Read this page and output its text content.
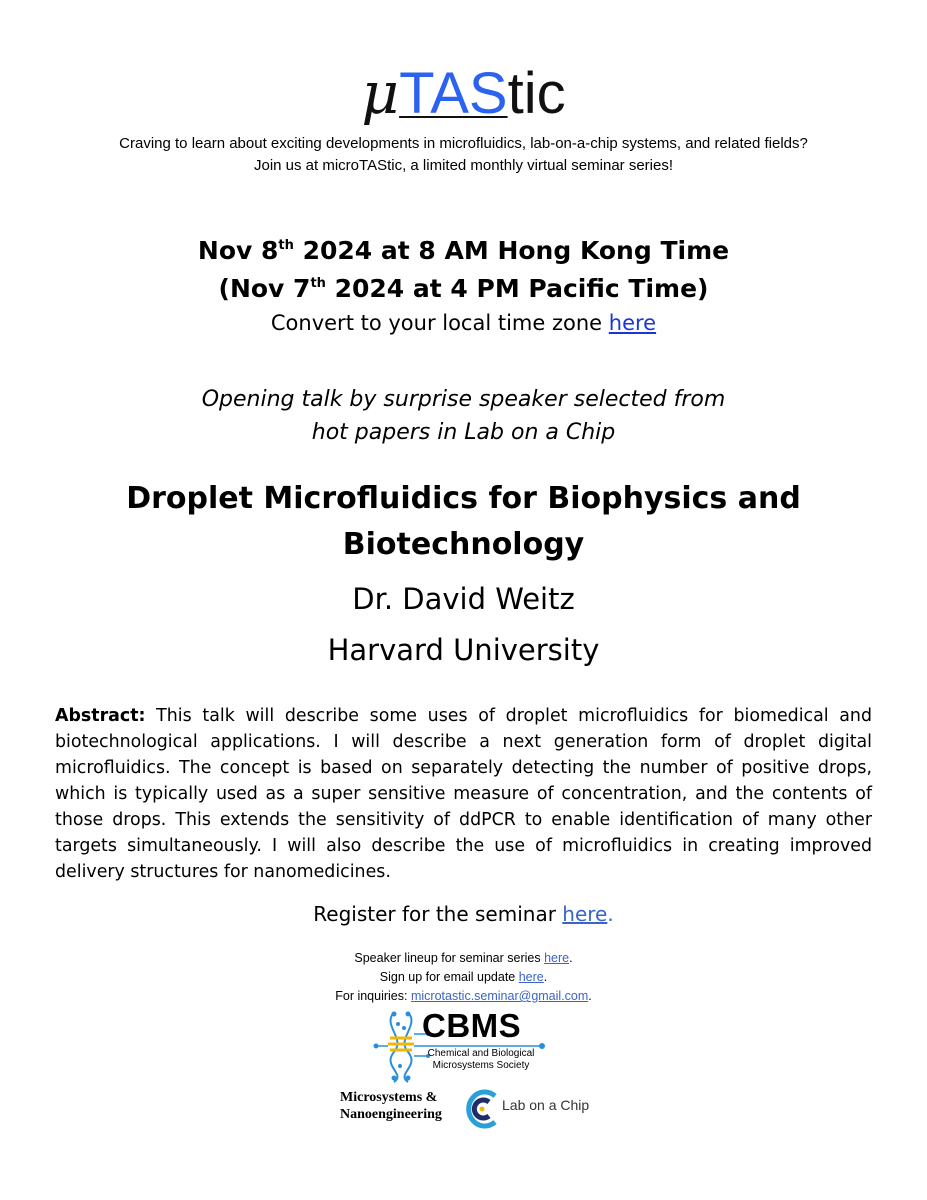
μTAStic
Craving to learn about exciting developments in microfluidics, lab-on-a-chip systems, and related fields?
Join us at microTAStic, a limited monthly virtual seminar series!
Nov 8th 2024 at 8 AM Hong Kong Time
(Nov 7th 2024 at 4 PM Pacific Time)
Convert to your local time zone here
Opening talk by surprise speaker selected from
hot papers in Lab on a Chip
Droplet Microfluidics for Biophysics and Biotechnology
Dr. David Weitz
Harvard University
Abstract: This talk will describe some uses of droplet microfluidics for biomedical and biotechnological applications. I will describe a next generation form of droplet digital microfluidics. The concept is based on separately detecting the number of positive drops, which is typically used as a super sensitive measure of concentration, and the contents of those drops. This extends the sensitivity of ddPCR to enable identification of many other targets simultaneously. I will also describe the use of microfluidics in creating improved delivery structures for nanomedicines.
Register for the seminar here.
Speaker lineup for seminar series here.
Sign up for email update here.
For inquiries: microtastic.seminar@gmail.com.
CBMS
Chemical and Biological
Microsystems Society
Microsystems &
Nanoengineering
Lab on a Chip
